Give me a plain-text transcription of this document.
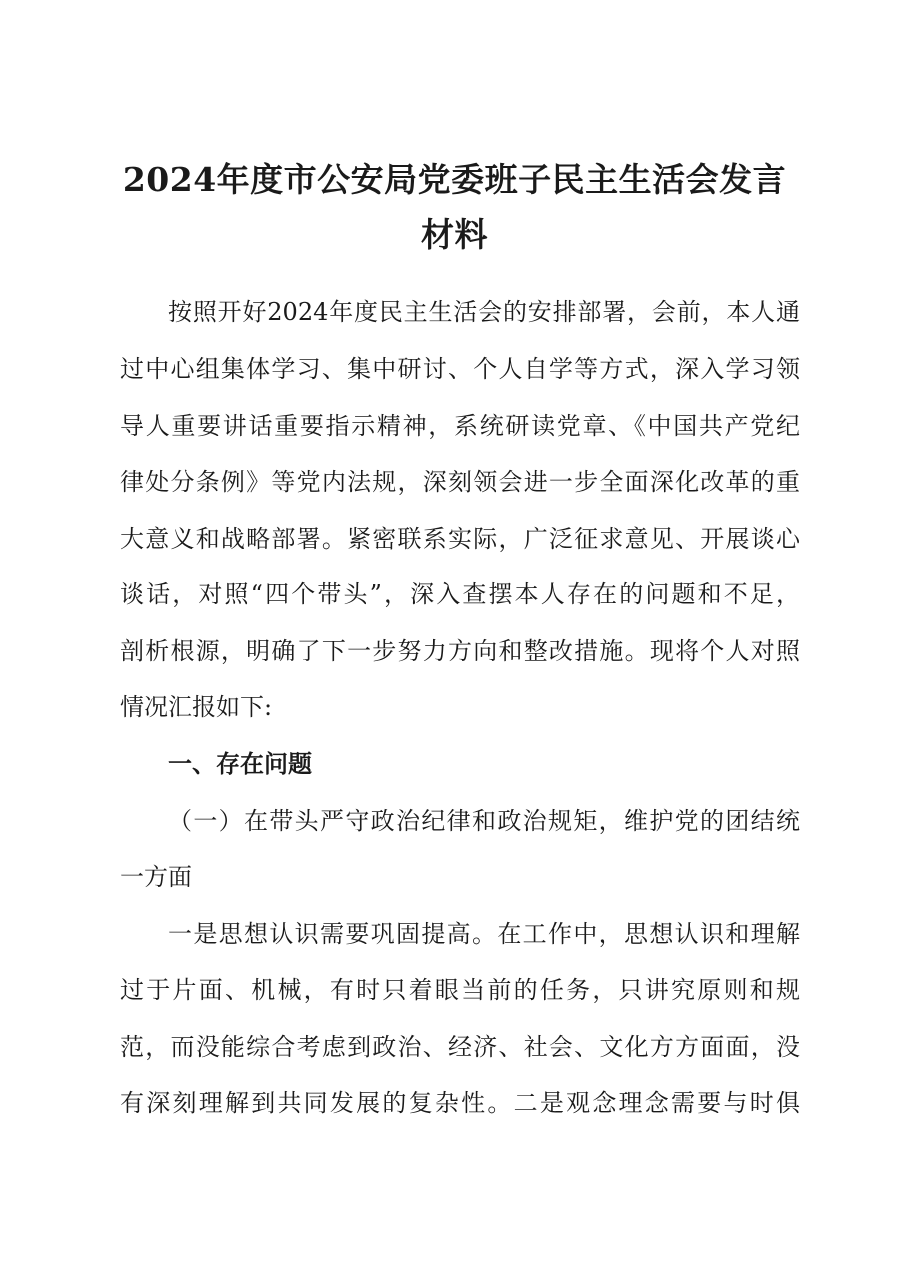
2024年度市公安局党委班子民主生活会发言
材料
按照开好2024年度民主生活会的安排部署，会前，本人通
过中心组集体学习、集中研讨、个人自学等方式，深入学习领
导人重要讲话重要指示精神，系统研读党章、《中国共产党纪
律处分条例》等党内法规，深刻领会进一步全面深化改革的重
大意义和战略部署。紧密联系实际，广泛征求意见、开展谈心
谈话，对照“四个带头”，深入查摆本人存在的问题和不足，
剖析根源，明确了下一步努力方向和整改措施。现将个人对照
情况汇报如下:
一、存在问题
（一）在带头严守政治纪律和政治规矩，维护党的团结统
一方面
一是思想认识需要巩固提高。在工作中，思想认识和理解
过于片面、机械，有时只着眼当前的任务，只讲究原则和规
范，而没能综合考虑到政治、经济、社会、文化方方面面，没
有深刻理解到共同发展的复杂性。二是观念理念需要与时俱
